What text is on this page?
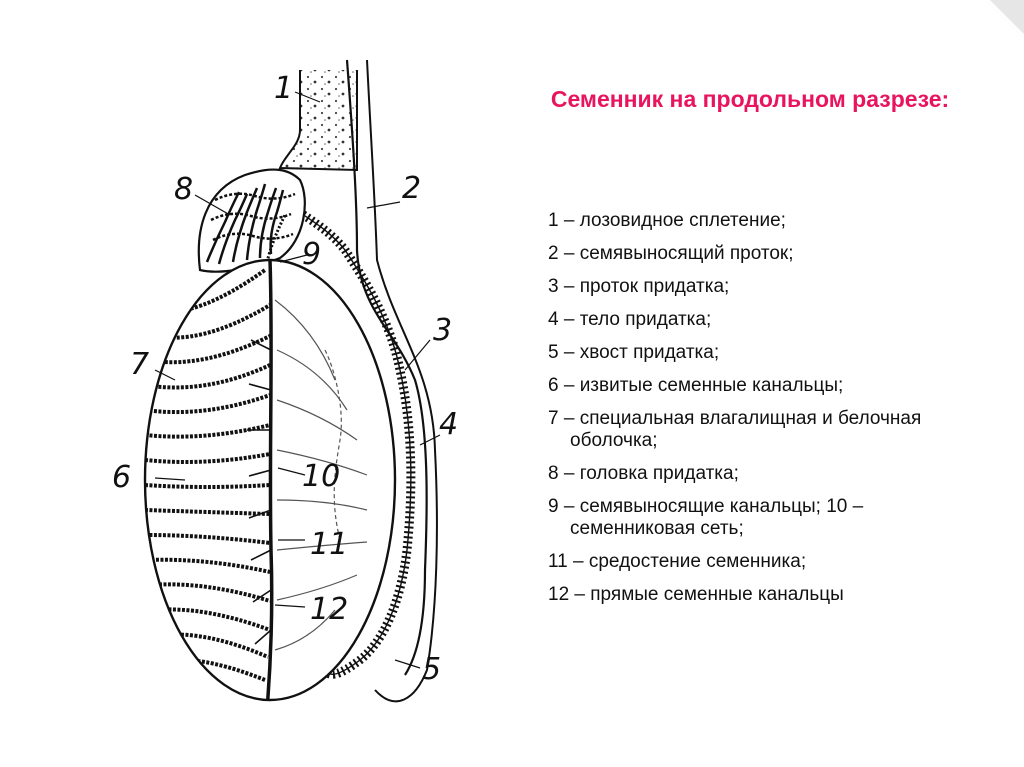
1
2
3
4
5
6
7
8
9
10
11
12
Семенник на продольном разрезе:
1 – лозовидное сплетение;
2 – семявыносящий проток;
3 – проток придатка;
4 – тело придатка;
5 – хвост придатка;
6 – извитые семенные канальцы;
7 – специальная влагалищная и белочная оболочка;
8 – головка придатка;
9 – семявыносящие канальцы; 10 – семенниковая сеть;
11 – средостение семенника;
12 – прямые семенные канальцы
